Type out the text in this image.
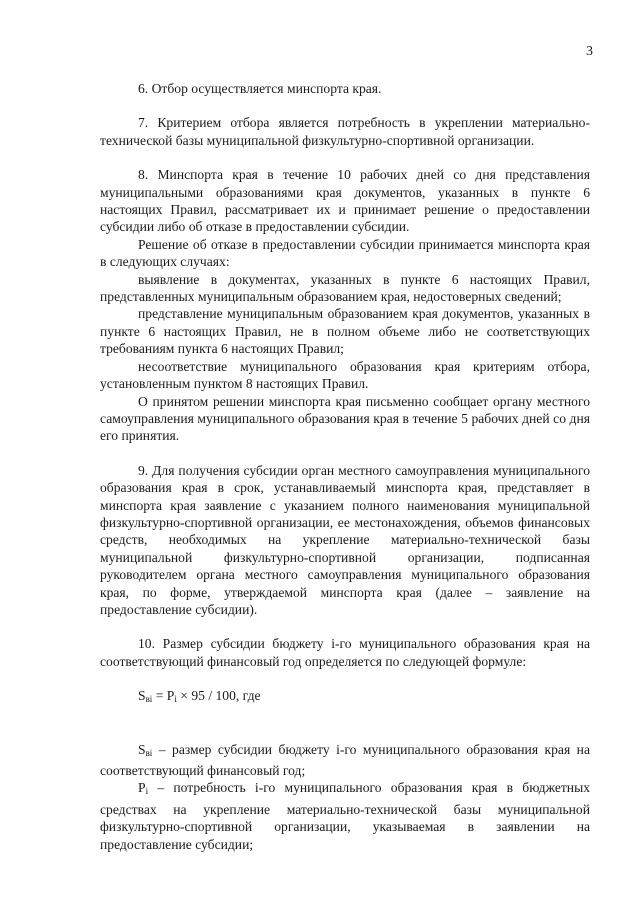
3

6. Отбор осуществляется минспорта края.

7. Критерием отбора является потребность в укреплении материально-технической базы муниципальной физкультурно-спортивной организации.

8. Минспорта края в течение 10 рабочих дней со дня представления муниципальными образованиями края документов, указанных в пункте 6 настоящих Правил, рассматривает их и принимает решение о предоставлении субсидии либо об отказе в предоставлении субсидии.

Решение об отказе в предоставлении субсидии принимается минспорта края в следующих случаях:

выявление в документах, указанных в пункте 6 настоящих Правил, представленных муниципальным образованием края, недостоверных сведений;

представление муниципальным образованием края документов, указанных в пункте 6 настоящих Правил, не в полном объеме либо не соответствующих требованиям пункта 6 настоящих Правил;

несоответствие муниципального образования края критериям отбора, установленным пунктом 8 настоящих Правил.

О принятом решении минспорта края письменно сообщает органу местного самоуправления муниципального образования края в течение 5 рабочих дней со дня его принятия.

9. Для получения субсидии орган местного самоуправления муниципального образования края в срок, устанавливаемый минспорта края, представляет в минспорта края заявление с указанием полного наименования муниципальной физкультурно-спортивной организации, ее местонахождения, объемов финансовых средств, необходимых на укрепление материально-технической базы муниципальной физкультурно-спортивной организации, подписанная руководителем органа местного самоуправления муниципального образования края, по форме, утверждаемой минспорта края (далее – заявление на предоставление субсидии).

10. Размер субсидии бюджету i-го муниципального образования края на соответствующий финансовый год определяется по следующей формуле:

$S_{вi} = P_i \times 95 / 100$, где

$S_{вi}$ – размер субсидии бюджету i-го муниципального образования края на соответствующий финансовый год;

$P_i$ – потребность i-го муниципального образования края в бюджетных средствах на укрепление материально-технической базы муниципальной физкультурно-спортивной организации, указываемая в заявлении на предоставление субсидии;
